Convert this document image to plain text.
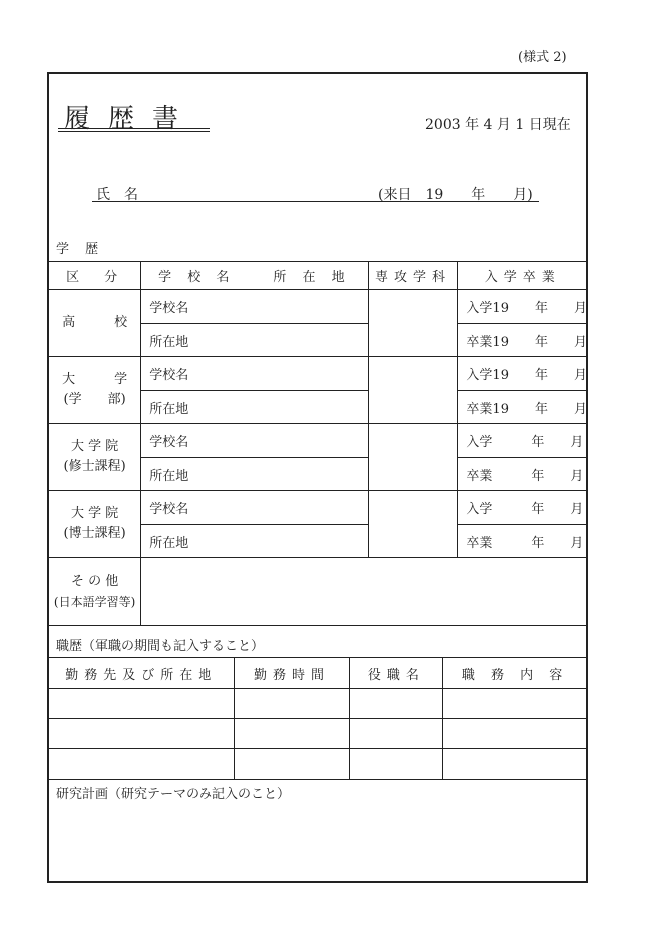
(様式 2)
履歴書	2003 年 4 月 1 日現在
氏名	(来日　19　　年　　月)
学 歴
区　分	学 校 名　　所 在 地	専攻学科	入学卒業

高　　　校	学校名		入学19　　年　　月
	所在地		卒業19　　年　　月

大　　　学
(学　　部)	学校名		入学19　　年　　月
	所在地		卒業19　　年　　月

大 学 院
(修士課程)	学校名		入学　　　年　　月
	所在地		卒業　　　年　　月

大 学 院
(博士課程)	学校名		入学　　　年　　月
	所在地		卒業　　　年　　月

そ の 他
(日本語学習等)			

職歴（軍職の期間も記入すること）
勤務先及び所在地	勤務時間	役職名	職 務 内 容

研究計画（研究テーマのみ記入のこと）
